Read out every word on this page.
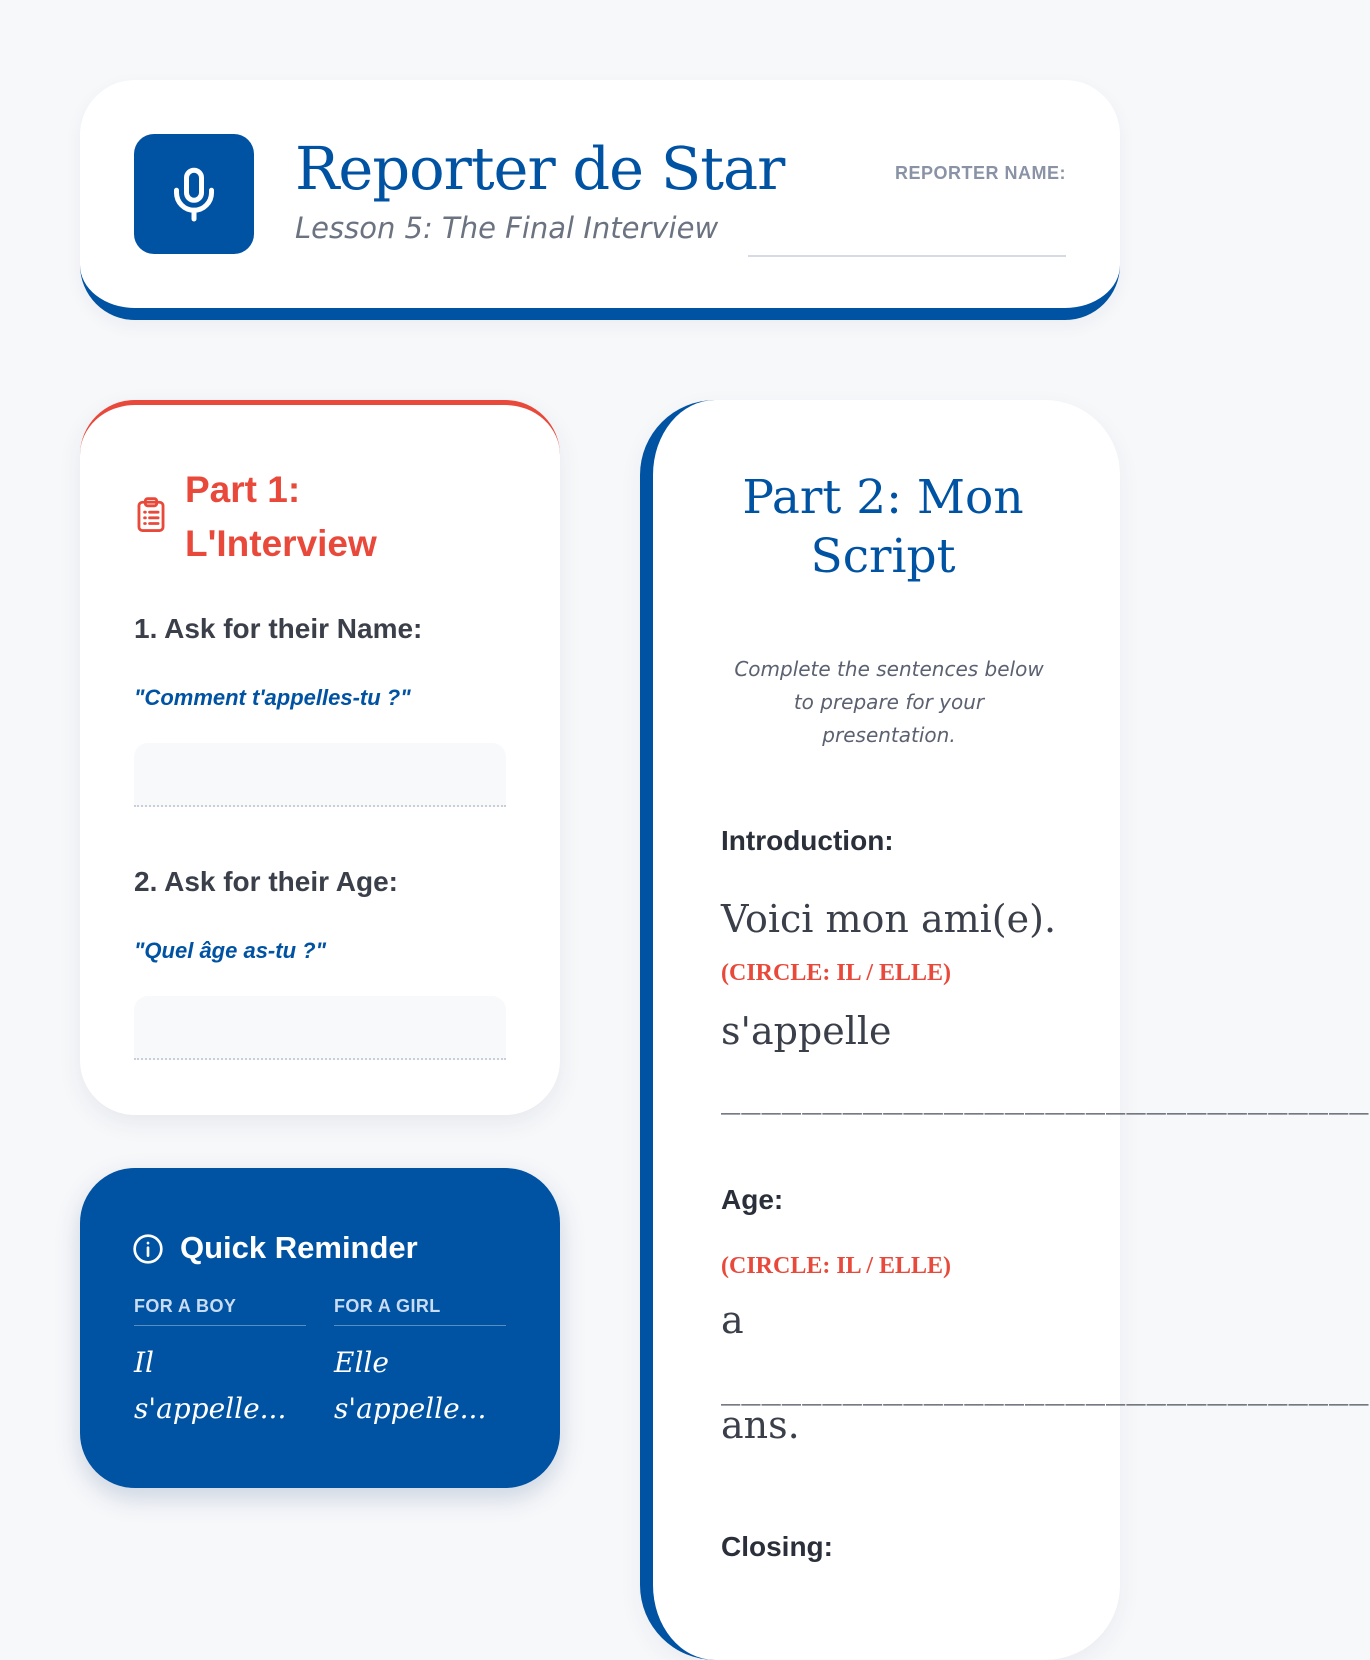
Reporter de Star
Lesson 5: The Final Interview
REPORTER NAME:
Part 1: L'Interview
1. Ask for their Name:
"Comment t'appelles-tu ?"
2. Ask for their Age:
"Quel âge as-tu ?"
Quick Reminder
FOR A BOY
Il s'appelle...
FOR A GIRL
Elle s'appelle...
Part 2: Mon Script
Complete the sentences below to prepare for your presentation.
Introduction:
Voici mon ami(e).
(CIRCLE: IL / ELLE)
s'appelle
________________________________
Age:
(CIRCLE: IL / ELLE)
a
________________________________
ans.
Closing:
